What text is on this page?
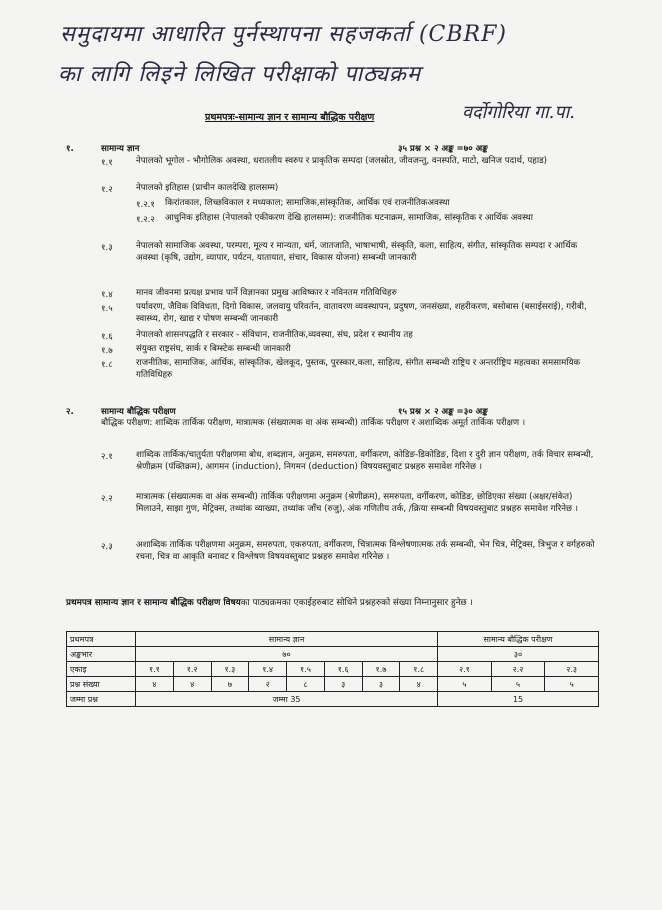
समुदायमा आधारित पुर्नस्थापना सहजकर्ता (CBRF)
का लागि लिइने लिखित परीक्षाको पाठ्यक्रम
वर्दोगोरिया गा.पा.
प्रथमपत्रः-सामान्य ज्ञान र सामान्य बौद्धिक परीक्षण
१.	सामान्य ज्ञान	३५ प्रश्न × २ अङ्क =७० अङ्क
१.१	नेपालको भूगोल - भौगोलिक अवस्था, धरातलीय स्वरुप र प्राकृतिक सम्पदा (जलस्रोत, जीवजन्तु, वनस्पति, माटो, खनिज पदार्थ, पहाड)
१.२	नेपालको इतिहास (प्राचीन कालदेखि हालसम्म)
१.२.१ किरांतकाल, लिच्छविकाल र मध्यकाल; सामाजिक,सांस्कृतिक, आर्थिक एवं राजनीतिकअवस्था
१.२.२ आधुनिक इतिहास (नेपालको एकीकरण देखि हालसम्म): राजनीतिक घटनाक्रम, सामाजिक, सांस्कृतिक र आर्थिक अवस्था
१.३	नेपालको सामाजिक अवस्था, परम्परा, मूल्य र मान्यता, धर्म, जातजाति, भाषाभाषी, संस्कृति, कला, साहित्य, संगीत, सांस्कृतिक सम्पदा र आर्थिक अवस्था (कृषि, उद्योग, व्यापार, पर्यटन, यातायात, संचार, विकास योजना) सम्बन्धी जानकारी
१.४	मानव जीवनमा प्रत्यक्ष प्रभाव पार्ने विज्ञानका प्रमुख आविष्कार र नविनतम गतिविधिहरु
१.५	पर्यावरण, जैविक विविधता, दिगो विकास, जलवायु परिवर्तन, वातावरण व्यवस्थापन, प्रदुषण, जनसंख्या, शहरीकरण, बसोबास (बसाईसराई), गरीबी, स्वास्थ्य, रोग, खाद्य र पोषण सम्बन्धी जानकारी
१.६	नेपालको शासनपद्धति र सरकार - संविधान, राजनीतिक,व्यवस्था, संघ, प्रदेश र स्थानीय तह
१.७	संयुक्त राष्ट्रसंघ, सार्क र बिम्स्टेक सम्बन्धी जानकारी
१.८	राजनीतिक, सामाजिक, आर्थिक, सांस्कृतिक, खेलकूद, पुस्तक, पुरस्कार,कला, साहित्य, संगीत सम्बन्धी राष्ट्रिय र अन्तर्राष्ट्रिय महत्वका समसामयिक गतिविधिहरु
२.	सामान्य बौद्धिक परीक्षण	१५ प्रश्न × २ अङ्क =३० अङ्क
बौद्धिक परीक्षण: शाब्दिक तार्किक परीक्षण, मात्रात्मक (संख्यात्मक वा अंक सम्बन्धी) तार्किक परीक्षण र अशाब्दिक अमूर्त तार्किक परीक्षण ।
२.१	शाब्दिक तार्किक/चातुर्यता परीक्षणमा बोध, शब्दज्ञान, अनुक्रम, समरुपता, वर्गीकरण, कोडिङ-डिकोडिङ, दिशा र दुरी ज्ञान परीक्षण, तर्क विचार सम्बन्धी, श्रेणीक्रम (पंक्तिक्रम), आगमन (induction), निगमन (deduction) विषयवस्तुबाट प्रश्नहरु समावेश गरिनेछ ।
२.२	मात्रात्मक (संख्यात्मक वा अंक सम्बन्धी) तार्किक परीक्षणमा अनुक्रम (श्रेणीक्रम), समरुपता, वर्गीकरण, कोडिङ, छोडिएका संख्या (अक्षर/संकेत) मिलाउने, साझा गुण, मेट्रिक्स, तथ्यांक व्याख्या, तथ्यांक जाँच (रुजु), अंक गणितीय तर्क, /क्रिया सम्बन्धी विषयवस्तुबाट प्रश्नहरु समावेश गरिनेछ ।
२.३	अशाब्दिक तार्किक परीक्षणमा अनुक्रम, समरुपता, एकरुपता, वर्गीकरण, चित्रात्मक विश्लेषणात्मक तर्क सम्बन्धी, भेन चित्र, मेट्रिक्स, त्रिभुज र वर्गहरुको रचना, चित्र वा आकृति बनावट र विश्लेषण विषयवस्तुबाट प्रश्नहरु समावेश गरिनेछ ।
प्रथमपत्र सामान्य ज्ञान र सामान्य बौद्धिक परीक्षण विषयका पाठ्यक्रमका एकाईहरुबाट सोधिने प्रश्नहरुको संख्या निम्नानुसार हुनेछ ।
प्रथमपत्र	सामान्य ज्ञान								सामान्य बौद्धिक परीक्षण		
अङ्कभार	७०								३०		
एकाइ	१.१	१.२	१.३	१.४	१.५	१.६	१.७	१.८	२.१	२.२	२.३
प्रश्न संख्या	४	४	७	२	८	३	३	४	५	५	५
जम्मा प्रश्न	जम्मा 35								15		
